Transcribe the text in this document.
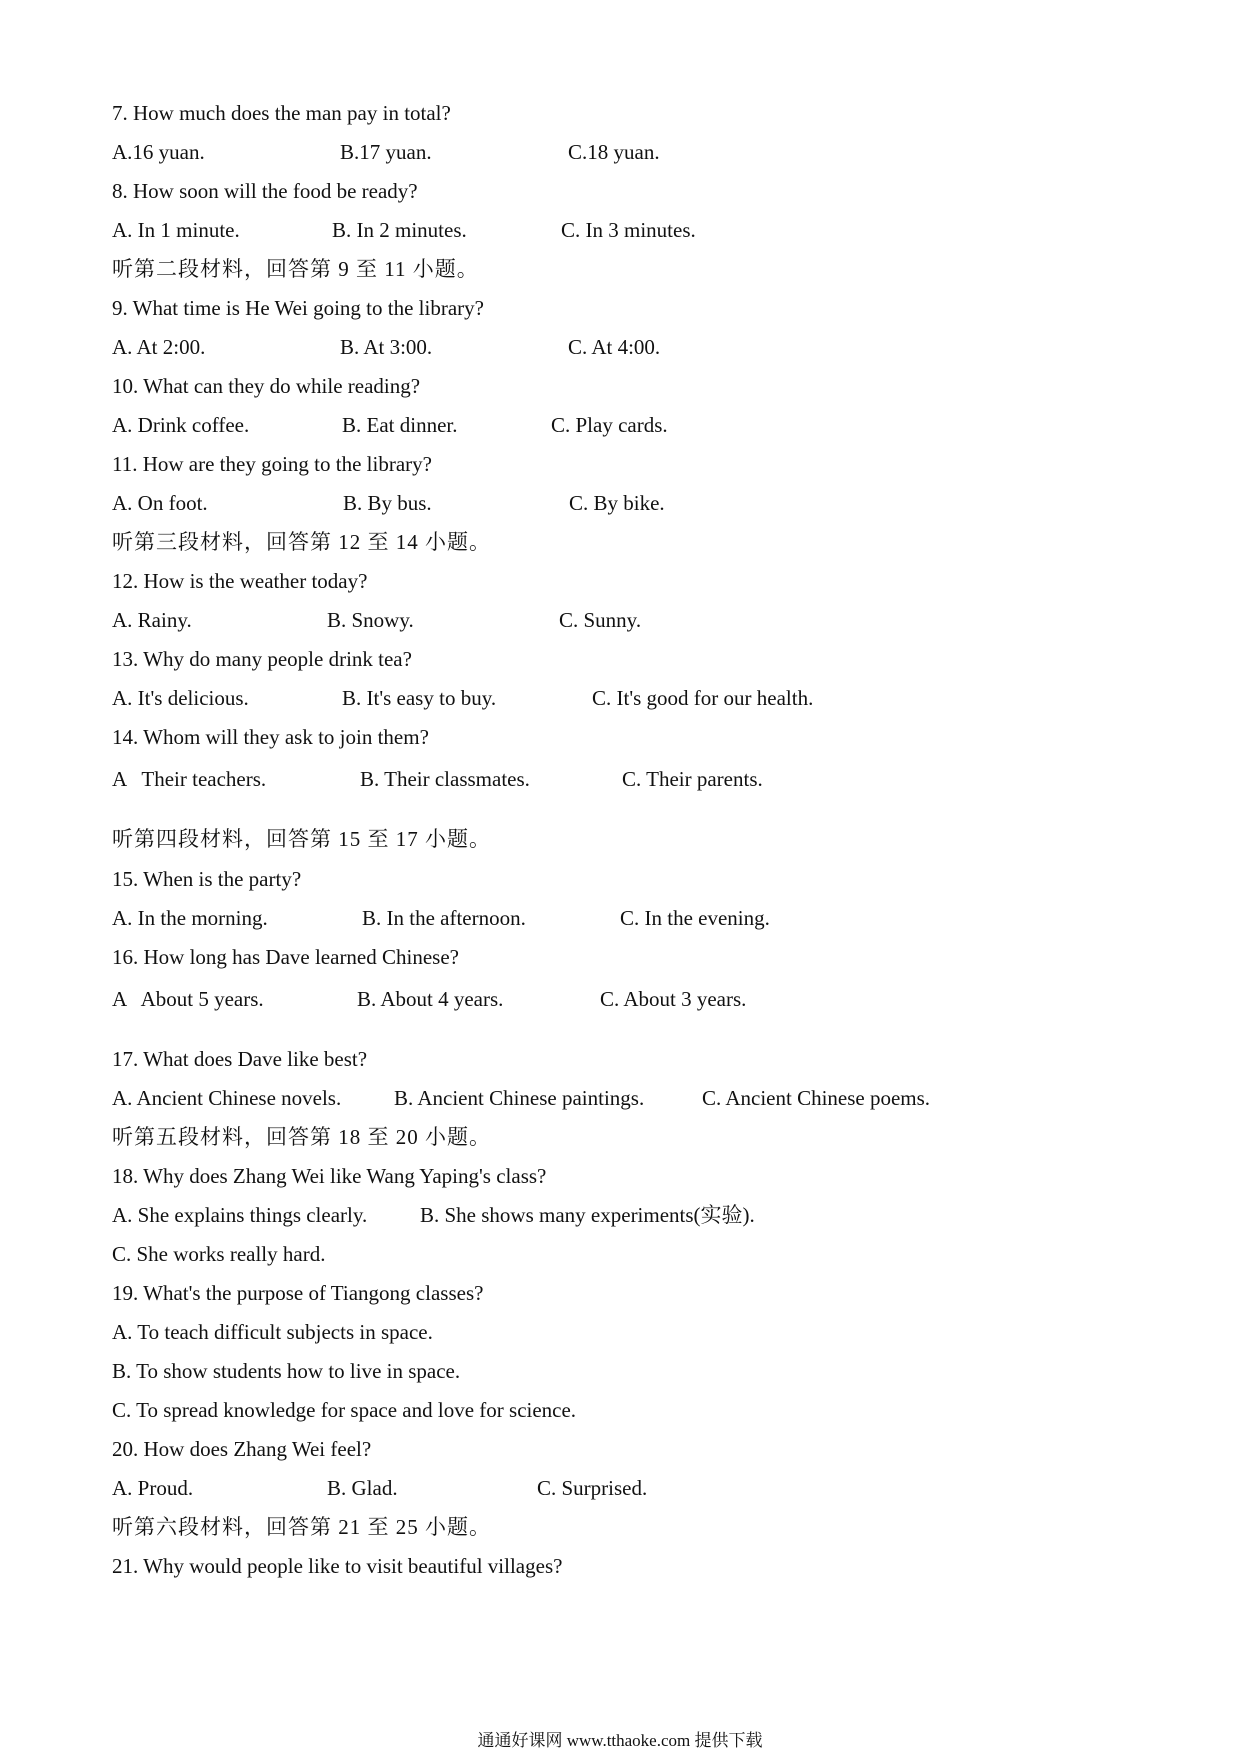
7. How much does the man pay in total?
A.16 yuan.	B.17 yuan.	C.18 yuan.
8. How soon will the food be ready?
A. In 1 minute.	B. In 2 minutes.	C. In 3 minutes.
听第二段材料，回答第 9 至 11 小题。
9. What time is He Wei going to the library?
A. At 2:00.	B. At 3:00.	C. At 4:00.
10. What can they do while reading?
A. Drink coffee.	B. Eat dinner.	C. Play cards.
11. How are they going to the library?
A. On foot.	B. By bus.	C. By bike.
听第三段材料，回答第 12 至 14 小题。
12. How is the weather today?
A. Rainy.	B. Snowy.	C. Sunny.
13. Why do many people drink tea?
A. It's delicious.	B. It's easy to buy.	C. It's good for our health.
14. Whom will they ask to join them?
A   Their teachers.	B. Their classmates.	C. Their parents.
听第四段材料，回答第 15 至 17 小题。
15. When is the party?
A. In the morning.	B. In the afternoon.	C. In the evening.
16. How long has Dave learned Chinese?
A   About 5 years.	B. About 4 years.	C. About 3 years.
17. What does Dave like best?
A. Ancient Chinese novels.	B. Ancient Chinese paintings.	C. Ancient Chinese poems.
听第五段材料，回答第 18 至 20 小题。
18. Why does Zhang Wei like Wang Yaping's class?
A. She explains things clearly.	B. She shows many experiments(实验).
C. She works really hard.
19. What's the purpose of Tiangong classes?
A. To teach difficult subjects in space.
B. To show students how to live in space.
C. To spread knowledge for space and love for science.
20. How does Zhang Wei feel?
A. Proud.	B. Glad.	C. Surprised.
听第六段材料，回答第 21 至 25 小题。
21. Why would people like to visit beautiful villages?
通通好课网 www.tthaoke.com 提供下载
